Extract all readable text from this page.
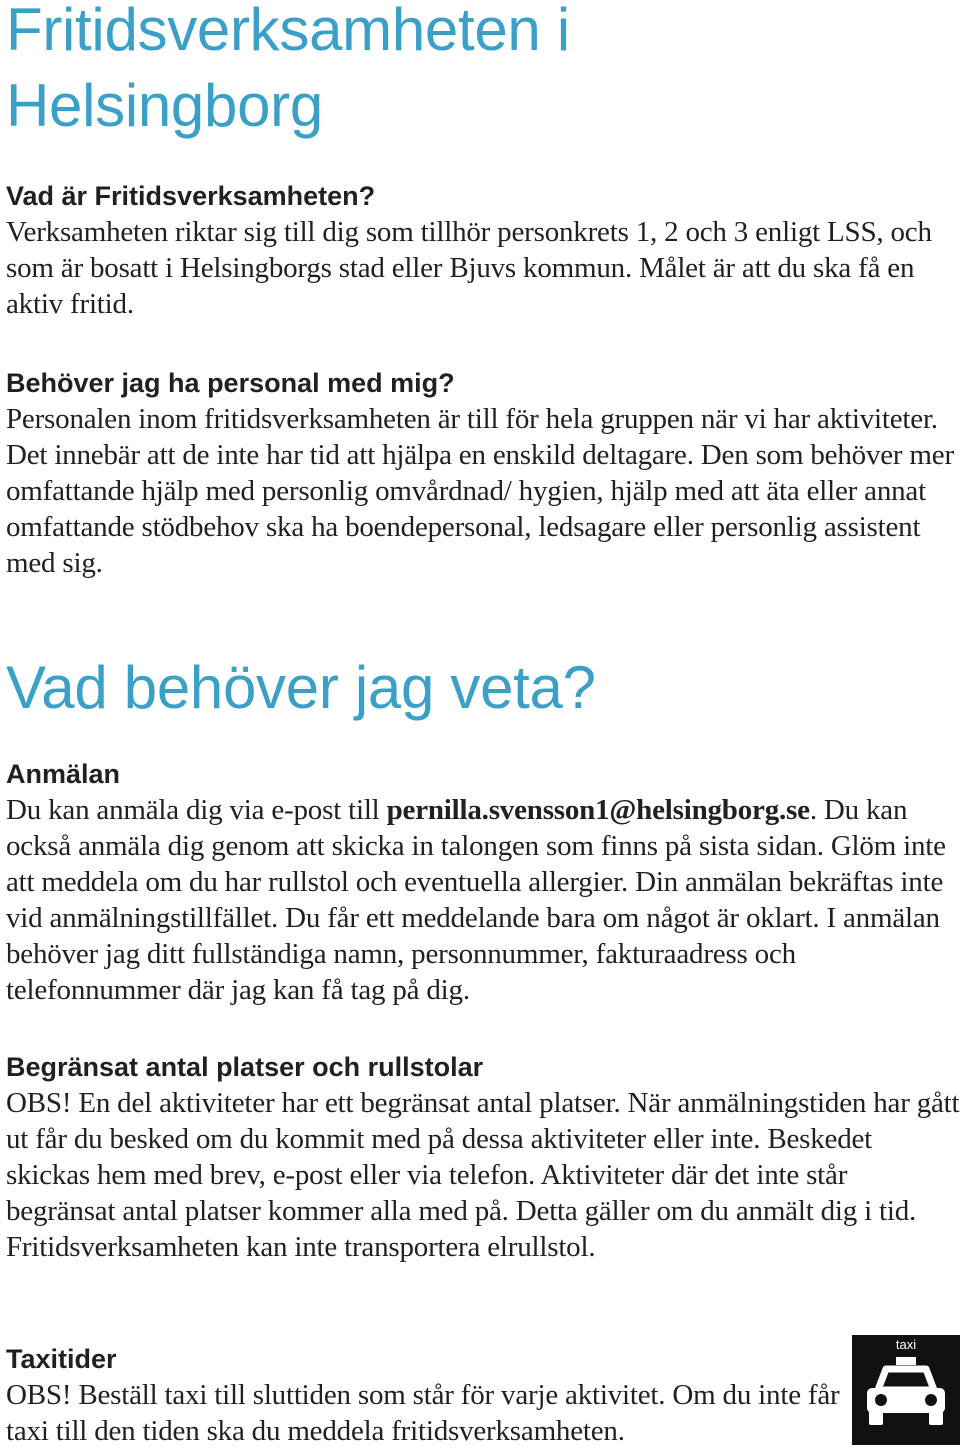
Fritidsverksamheten i
Helsingborg
Vad är Fritidsverksamheten?

Verksamheten riktar sig till dig som tillhör personkrets 1, 2 och 3 enligt LSS, och som är bosatt i Helsingborgs stad eller Bjuvs kommun. Målet är att du ska få en aktiv fritid.

Behöver jag ha personal med mig?

Personalen inom fritidsverksamheten är till för hela gruppen när vi har aktiviteter. Det innebär att de inte har tid att hjälpa en enskild deltagare. Den som behöver mer omfattande hjälp med personlig omvårdnad/ hygien, hjälp med att äta eller annat omfattande stödbehov ska ha boendepersonal, ledsagare eller personlig assistent med sig.

Vad behöver jag veta?
Anmälan

Du kan anmäla dig via e-post till pernilla.svensson1@helsingborg.se. Du kan också anmäla dig genom att skicka in talongen som finns på sista sidan. Glöm inte att meddela om du har rullstol och eventuella allergier. Din anmälan bekräftas inte vid anmälningstillfället. Du får ett meddelande bara om något är oklart. I anmälan behöver jag ditt fullständiga namn, personnummer, fakturaadress och telefonnummer där jag kan få tag på dig.

Begränsat antal platser och rullstolar

OBS! En del aktiviteter har ett begränsat antal platser. När anmälningstiden har gått ut får du besked om du kommit med på dessa aktiviteter eller inte. Beskedet skickas hem med brev, e-post eller via telefon. Aktiviteter där det inte står begränsat antal platser kommer alla med på. Detta gäller om du anmält dig i tid. Fritidsverksamheten kan inte transportera elrullstol.

Taxitider

OBS! Beställ taxi till sluttiden som står för varje aktivitet. Om du inte får taxi till den tiden ska du meddela fritidsverksamheten.

taxi
